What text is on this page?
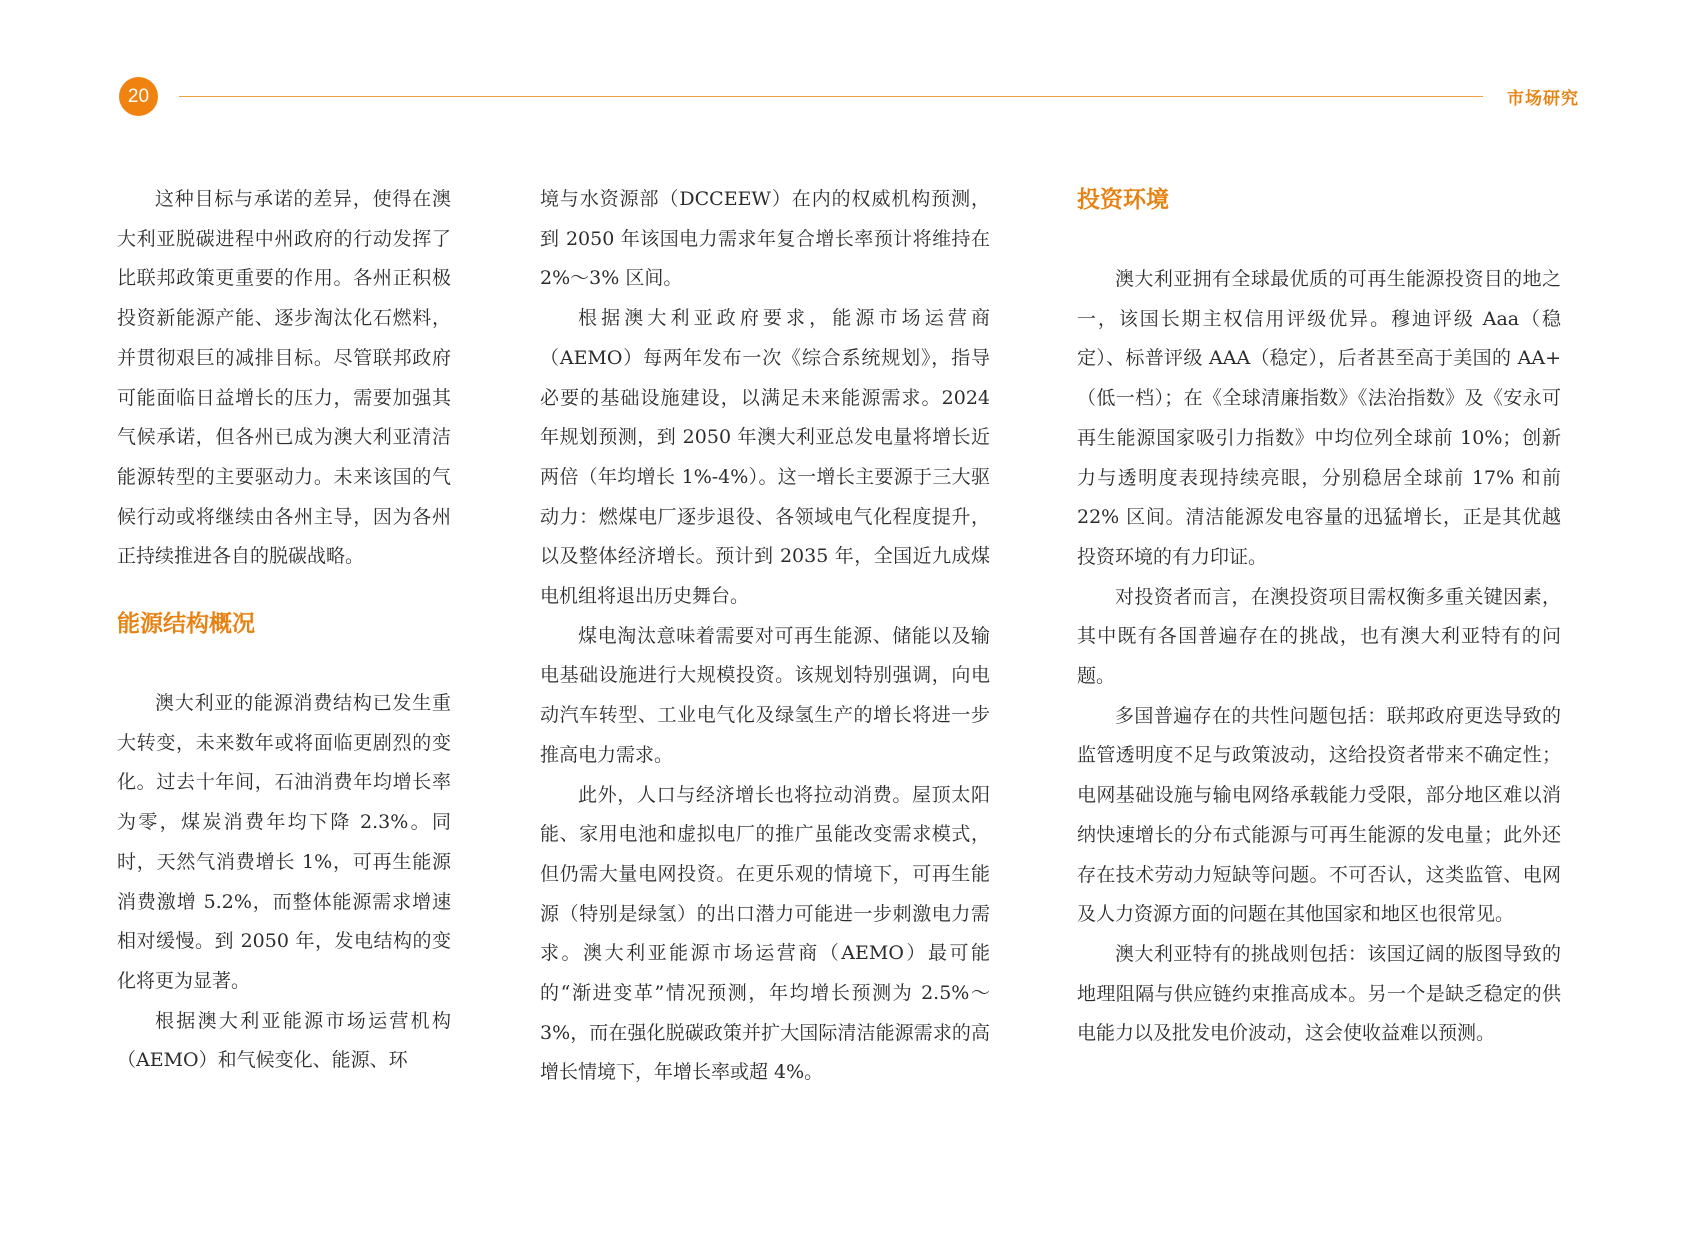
20	市场研究

这种目标与承诺的差异，使得在澳大利亚脱碳进程中州政府的行动发挥了比联邦政策更重要的作用。各州正积极投资新能源产能、逐步淘汰化石燃料，并贯彻艰巨的减排目标。尽管联邦政府可能面临日益增长的压力，需要加强其气候承诺，但各州已成为澳大利亚清洁能源转型的主要驱动力。未来该国的气候行动或将继续由各州主导，因为各州正持续推进各自的脱碳战略。

能源结构概况

澳大利亚的能源消费结构已发生重大转变，未来数年或将面临更剧烈的变化。过去十年间，石油消费年均增长率为零，煤炭消费年均下降 2.3%。同时，天然气消费增长 1%，可再生能源消费激增 5.2%，而整体能源需求增速相对缓慢。到 2050 年，发电结构的变化将更为显著。

根据澳大利亚能源市场运营机构（AEMO）和气候变化、能源、环

境与水资源部（DCCEEW）在内的权威机构预测，到 2050 年该国电力需求年复合增长率预计将维持在 2%～3% 区间。

根据澳大利亚政府要求，能源市场运营商（AEMO）每两年发布一次《综合系统规划》，指导必要的基础设施建设，以满足未来能源需求。2024 年规划预测，到 2050 年澳大利亚总发电量将增长近两倍（年均增长 1%-4%）。这一增长主要源于三大驱动力：燃煤电厂逐步退役、各领域电气化程度提升，以及整体经济增长。预计到 2035 年，全国近九成煤电机组将退出历史舞台。

煤电淘汰意味着需要对可再生能源、储能以及输电基础设施进行大规模投资。该规划特别强调，向电动汽车转型、工业电气化及绿氢生产的增长将进一步推高电力需求。

此外，人口与经济增长也将拉动消费。屋顶太阳能、家用电池和虚拟电厂的推广虽能改变需求模式，但仍需大量电网投资。在更乐观的情境下，可再生能源（特别是绿氢）的出口潜力可能进一步刺激电力需求。澳大利亚能源市场运营商（AEMO）最可能的“渐进变革”情况预测，年均增长预测为 2.5%～3%，而在强化脱碳政策并扩大国际清洁能源需求的高增长情境下，年增长率或超 4%。

投资环境

澳大利亚拥有全球最优质的可再生能源投资目的地之一，该国长期主权信用评级优异。穆迪评级 Aaa（稳定）、标普评级 AAA（稳定），后者甚至高于美国的 AA+（低一档）；在《全球清廉指数》《法治指数》及《安永可再生能源国家吸引力指数》中均位列全球前 10%；创新力与透明度表现持续亮眼，分别稳居全球前 17% 和前 22% 区间。清洁能源发电容量的迅猛增长，正是其优越投资环境的有力印证。

对投资者而言，在澳投资项目需权衡多重关键因素，其中既有各国普遍存在的挑战，也有澳大利亚特有的问题。

多国普遍存在的共性问题包括：联邦政府更迭导致的监管透明度不足与政策波动，这给投资者带来不确定性；电网基础设施与输电网络承载能力受限，部分地区难以消纳快速增长的分布式能源与可再生能源的发电量；此外还存在技术劳动力短缺等问题。不可否认，这类监管、电网及人力资源方面的问题在其他国家和地区也很常见。

澳大利亚特有的挑战则包括：该国辽阔的版图导致的地理阻隔与供应链约束推高成本。另一个是缺乏稳定的供电能力以及批发电价波动，这会使收益难以预测。
